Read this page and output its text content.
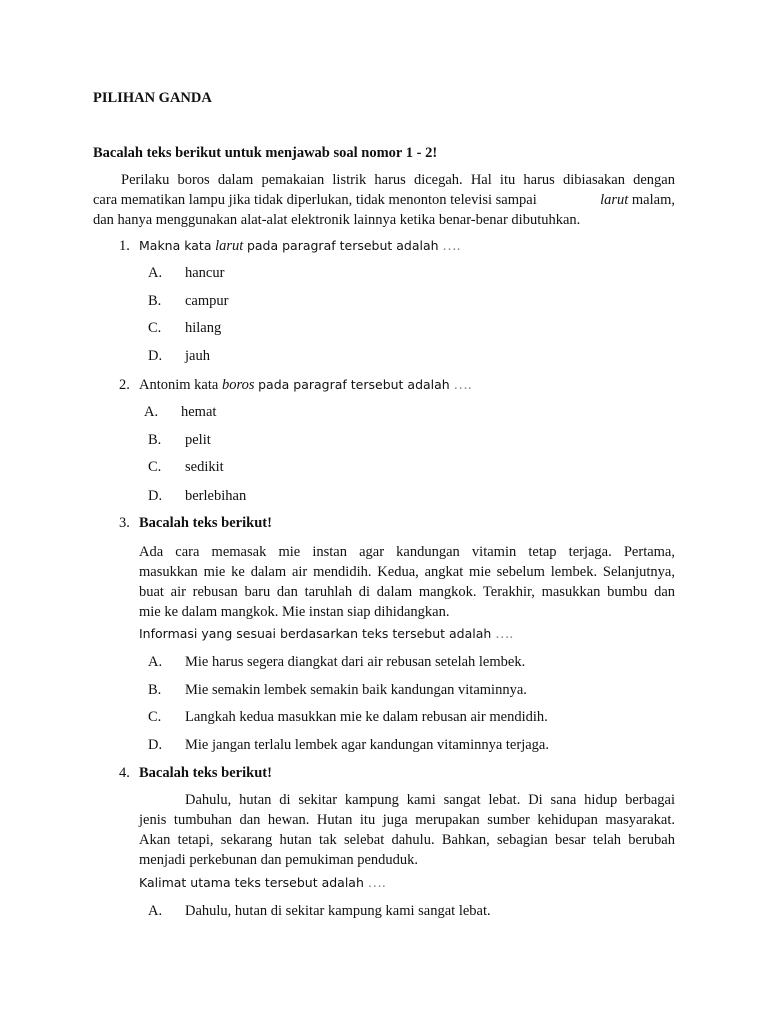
PILIHAN GANDA
Bacalah teks berikut untuk menjawab soal nomor 1 - 2!

Perilaku boros dalam pemakaian listrik harus dicegah. Hal itu harus dibiasakan dengan

cara mematikan lampu jika tidak diperlukan, tidak menonton televisi sampai	larut malam,

dan hanya menggunakan alat-alat elektronik lainnya ketika benar-benar dibutuhkan.

1. Makna kata larut pada paragraf tersebut adalah ….
A. hancur
B. campur
C. hilang
D. jauh
2. Antonim kata boros pada paragraf tersebut adalah ….
A. hemat
B. pelit
C. sedikit
D. berlebihan
3. Bacalah teks berikut!

Ada cara memasak mie instan agar kandungan vitamin tetap terjaga. Pertama,

masukkan mie ke dalam air mendidih. Kedua, angkat mie sebelum lembek. Selanjutnya,

buat air rebusan baru dan taruhlah di dalam mangkok. Terakhir, masukkan bumbu dan

mie ke dalam mangkok. Mie instan siap dihidangkan.

Informasi yang sesuai berdasarkan teks tersebut adalah ….
A. Mie harus segera diangkat dari air rebusan setelah lembek.
B. Mie semakin lembek semakin baik kandungan vitaminnya.
C. Langkah kedua masukkan mie ke dalam rebusan air mendidih.
D. Mie jangan terlalu lembek agar kandungan vitaminnya terjaga.
4. Bacalah teks berikut!

Dahulu, hutan di sekitar kampung kami sangat lebat. Di sana hidup berbagai

jenis tumbuhan dan hewan. Hutan itu juga merupakan sumber kehidupan masyarakat.

Akan tetapi, sekarang hutan tak selebat dahulu. Bahkan, sebagian besar telah berubah

menjadi perkebunan dan pemukiman penduduk.

Kalimat utama teks tersebut adalah ….
A. Dahulu, hutan di sekitar kampung kami sangat lebat.
